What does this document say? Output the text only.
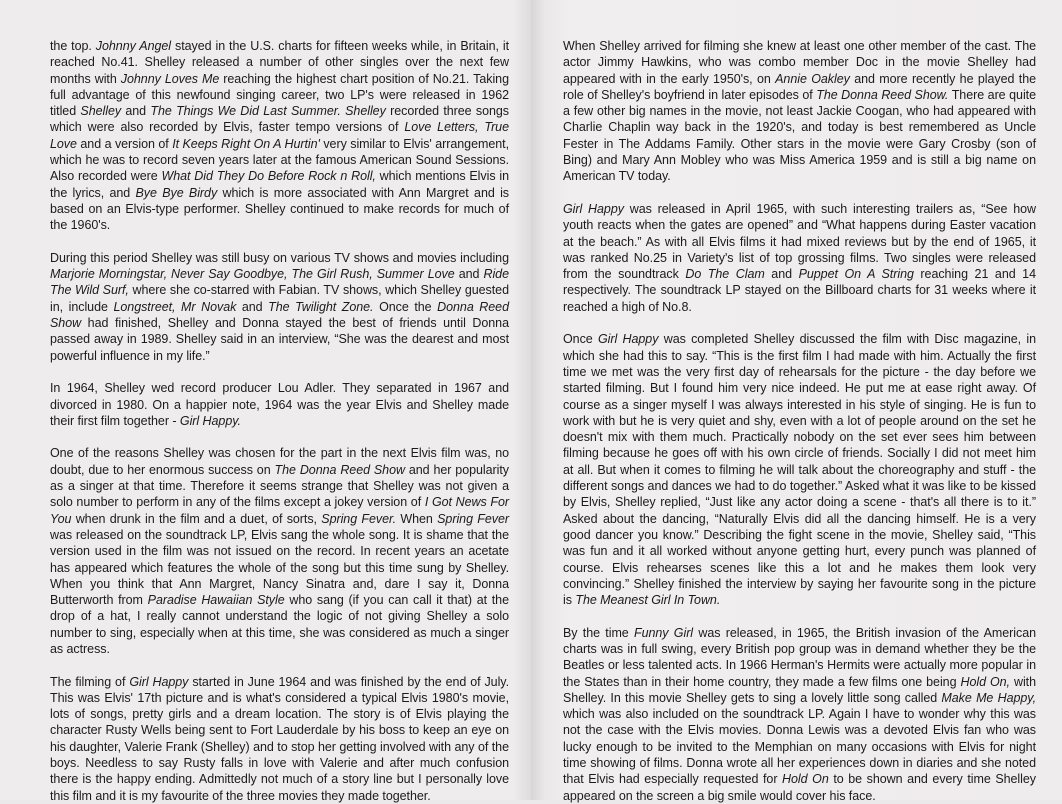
the top. Johnny Angel stayed in the U.S. charts for fifteen weeks while, in Britain, it reached No.41. Shelley released a number of other singles over the next few months with Johnny Loves Me reaching the highest chart position of No.21. Taking full advantage of this newfound singing career, two LP's were released in 1962 titled Shelley and The Things We Did Last Summer. Shelley recorded three songs which were also recorded by Elvis, faster tempo versions of Love Letters, True Love and a version of It Keeps Right On A Hurtin' very similar to Elvis' arrangement, which he was to record seven years later at the famous American Sound Sessions. Also recorded were What Did They Do Before Rock n Roll, which mentions Elvis in the lyrics, and Bye Bye Birdy which is more associated with Ann Margret and is based on an Elvis-type performer. Shelley continued to make records for much of the 1960's.

During this period Shelley was still busy on various TV shows and movies including Marjorie Morningstar, Never Say Goodbye, The Girl Rush, Summer Love and Ride The Wild Surf, where she co-starred with Fabian. TV shows, which Shelley guested in, include Longstreet, Mr Novak and The Twilight Zone. Once the Donna Reed Show had finished, Shelley and Donna stayed the best of friends until Donna passed away in 1989. Shelley said in an interview, “She was the dearest and most powerful influence in my life.”

In 1964, Shelley wed record producer Lou Adler. They separated in 1967 and divorced in 1980. On a happier note, 1964 was the year Elvis and Shelley made their first film together - Girl Happy.

One of the reasons Shelley was chosen for the part in the next Elvis film was, no doubt, due to her enormous success on The Donna Reed Show and her popularity as a singer at that time. Therefore it seems strange that Shelley was not given a solo number to perform in any of the films except a jokey version of I Got News For You when drunk in the film and a duet, of sorts, Spring Fever. When Spring Fever was released on the soundtrack LP, Elvis sang the whole song. It is shame that the version used in the film was not issued on the record. In recent years an acetate has appeared which features the whole of the song but this time sung by Shelley. When you think that Ann Margret, Nancy Sinatra and, dare I say it, Donna Butterworth from Paradise Hawaiian Style who sang (if you can call it that) at the drop of a hat, I really cannot understand the logic of not giving Shelley a solo number to sing, especially when at this time, she was considered as much a singer as actress.

The filming of Girl Happy started in June 1964 and was finished by the end of July. This was Elvis' 17th picture and is what's considered a typical Elvis 1980's movie, lots of songs, pretty girls and a dream location. The story is of Elvis playing the character Rusty Wells being sent to Fort Lauderdale by his boss to keep an eye on his daughter, Valerie Frank (Shelley) and to stop her getting involved with any of the boys. Needless to say Rusty falls in love with Valerie and after much confusion there is the happy ending. Admittedly not much of a story line but I personally love this film and it is my favourite of the three movies they made together.

When Shelley arrived for filming she knew at least one other member of the cast. The actor Jimmy Hawkins, who was combo member Doc in the movie Shelley had appeared with in the early 1950's, on Annie Oakley and more recently he played the role of Shelley's boyfriend in later episodes of The Donna Reed Show. There are quite a few other big names in the movie, not least Jackie Coogan, who had appeared with Charlie Chaplin way back in the 1920's, and today is best remembered as Uncle Fester in The Addams Family. Other stars in the movie were Gary Crosby (son of Bing) and Mary Ann Mobley who was Miss America 1959 and is still a big name on American TV today.

Girl Happy was released in April 1965, with such interesting trailers as, “See how youth reacts when the gates are opened” and “What happens during Easter vacation at the beach.” As with all Elvis films it had mixed reviews but by the end of 1965, it was ranked No.25 in Variety's list of top grossing films. Two singles were released from the soundtrack Do The Clam and Puppet On A String reaching 21 and 14 respectively. The soundtrack LP stayed on the Billboard charts for 31 weeks where it reached a high of No.8.

Once Girl Happy was completed Shelley discussed the film with Disc magazine, in which she had this to say. “This is the first film I had made with him. Actually the first time we met was the very first day of rehearsals for the picture - the day before we started filming. But I found him very nice indeed. He put me at ease right away. Of course as a singer myself I was always interested in his style of singing. He is fun to work with but he is very quiet and shy, even with a lot of people around on the set he doesn't mix with them much. Practically nobody on the set ever sees him between filming because he goes off with his own circle of friends. Socially I did not meet him at all. But when it comes to filming he will talk about the choreography and stuff - the different songs and dances we had to do together.” Asked what it was like to be kissed by Elvis, Shelley replied, “Just like any actor doing a scene - that's all there is to it.” Asked about the dancing, “Naturally Elvis did all the dancing himself. He is a very good dancer you know.” Describing the fight scene in the movie, Shelley said, “This was fun and it all worked without anyone getting hurt, every punch was planned of course. Elvis rehearses scenes like this a lot and he makes them look very convincing.” Shelley finished the interview by saying her favourite song in the picture is The Meanest Girl In Town.

By the time Funny Girl was released, in 1965, the British invasion of the American charts was in full swing, every British pop group was in demand whether they be the Beatles or less talented acts. In 1966 Herman's Hermits were actually more popular in the States than in their home country, they made a few films one being Hold On, with Shelley. In this movie Shelley gets to sing a lovely little song called Make Me Happy, which was also included on the soundtrack LP. Again I have to wonder why this was not the case with the Elvis movies. Donna Lewis was a devoted Elvis fan who was lucky enough to be invited to the Memphian on many occasions with Elvis for night time showing of films. Donna wrote all her experiences down in diaries and she noted that Elvis had especially requested for Hold On to be shown and every time Shelley appeared on the screen a big smile would cover his face.
